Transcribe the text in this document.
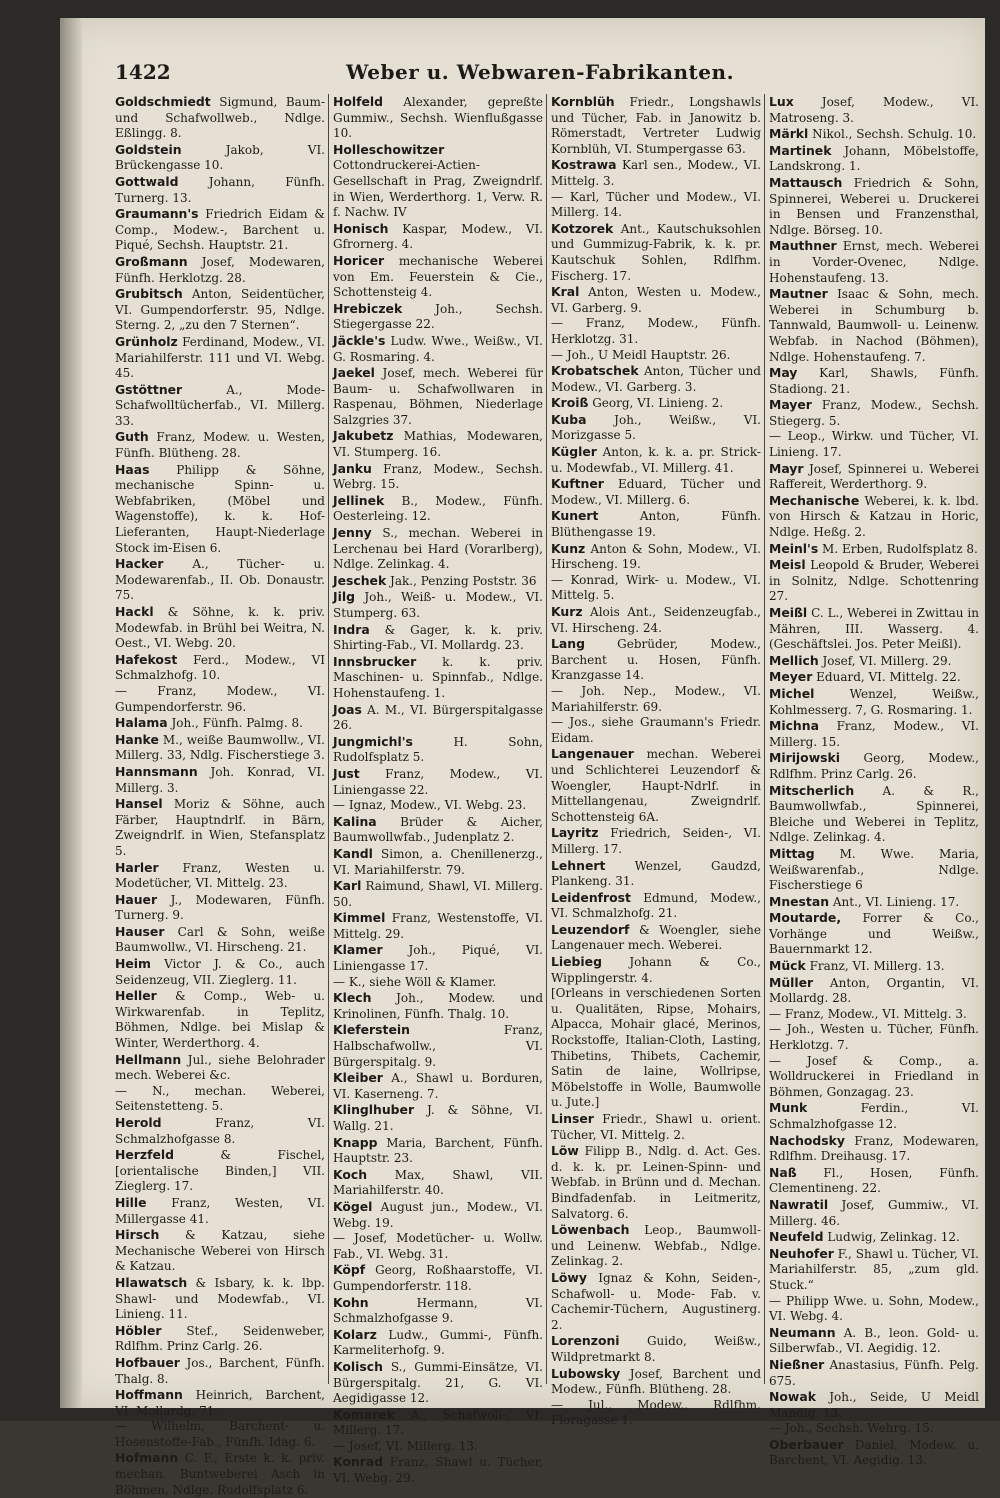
1422	Weber u. Webwaren-Fabrikanten.

Goldschmiedt Sigmund, Baum- und Schafwollweb., Ndlge. Eßlingg. 8.

Goldstein Jakob, VI. Brückengasse 10.

Gottwald Johann, Fünfh. Turnerg. 13.

Graumann's Friedrich Eidam & Comp., Modew.-, Barchent u. Piqué, Sechsh. Hauptstr. 21.

Großmann Josef, Modewaren, Fünfh. Herklotzg. 28.

Grubitsch Anton, Seidentücher, VI. Gumpendorferstr. 95, Ndlge. Sterng. 2, „zu den 7 Sternen“.

Grünholz Ferdinand, Modew., VI. Mariahilferstr. 111 und VI. Webg. 45.

Gstöttner A., Mode-Schafwolltücherfab., VI. Millerg. 33.

Guth Franz, Modew. u. Westen, Fünfh. Blütheng. 28.

Haas Philipp & Söhne, mechanische Spinn- u. Webfabriken, (Möbel und Wagenstoffe), k. k. Hof-Lieferanten, Haupt-Niederlage Stock im-Eisen 6.

Hacker A., Tücher- u. Modewarenfab., II. Ob. Donaustr. 75.

Hackl & Söhne, k. k. priv. Modewfab. in Brühl bei Weitra, N. Oest., VI. Webg. 20.

Hafekost Ferd., Modew., VI Schmalzhofg. 10.

— Franz, Modew., VI. Gumpendorferstr. 96.

Halama Joh., Fünfh. Palmg. 8.

Hanke M., weiße Baumwollw., VI. Millerg. 33, Ndlg. Fischerstiege 3.

Hannsmann Joh. Konrad, VI. Millerg. 3.

Hansel Moriz & Söhne, auch Färber, Hauptndrlf. in Bärn, Zweigndrlf. in Wien, Stefansplatz 5.

Harler Franz, Westen u. Modetücher, VI. Mittelg. 23.

Hauer J., Modewaren, Fünfh. Turnerg. 9.

Hauser Carl & Sohn, weiße Baumwollw., VI. Hirscheng. 21.

Heim Victor J. & Co., auch Seidenzeug, VII. Zieglerg. 11.

Heller & Comp., Web- u. Wirkwarenfab. in Teplitz, Böhmen, Ndlge. bei Mislap & Winter, Werderthorg. 4.

Hellmann Jul., siehe Belohrader mech. Weberei &c.

— N., mechan. Weberei, Seitenstetteng. 5.

Herold Franz, VI. Schmalzhofgasse 8.

Herzfeld & Fischel, [orientalische Binden,] VII. Zieglerg. 17.

Hille Franz, Westen, VI. Millergasse 41.

Hirsch & Katzau, siehe Mechanische Weberei von Hirsch & Katzau.

Hlawatsch & Isbary, k. k. lbp. Shawl- und Modewfab., VI. Linieng. 11.

Höbler Stef., Seidenweber, Rdlfhm. Prinz Carlg. 26.

Hofbauer Jos., Barchent, Fünfh. Thalg. 8.

Hoffmann Heinrich, Barchent, VI. Mollardg. 71.

— Wilhelm, Barchent- u. Hosenstoffe-Fab., Fünfh. Idag. 6.

Hofmann C. F., Erste k. k. priv. mechan. Buntweberei Asch in Böhmen, Ndlge. Rudolfsplatz 6.

Holfeld Alexander, gepreßte Gummiw., Sechsh. Wienflußgasse 10.

Holleschowitzer Cottondruckerei-Actien-Gesellschaft in Prag, Zweigndrlf. in Wien, Werderthorg. 1, Verw. R. f. Nachw. IV

Honisch Kaspar, Modew., VI. Gfrornerg. 4.

Horicer mechanische Weberei von Em. Feuerstein & Cie., Schottensteig 4.

Hrebiczek Joh., Sechsh. Stiegergasse 22.

Jäckle's Ludw. Wwe., Weißw., VI. G. Rosmaring. 4.

Jaekel Josef, mech. Weberei für Baum- u. Schafwollwaren in Raspenau, Böhmen, Niederlage Salzgries 37.

Jakubetz Mathias, Modewaren, VI. Stumperg. 16.

Janku Franz, Modew., Sechsh. Webrg. 15.

Jellinek B., Modew., Fünfh. Oesterleing. 12.

Jenny S., mechan. Weberei in Lerchenau bei Hard (Vorarlberg), Ndlge. Zelinkag. 4.

Jeschek Jak., Penzing Poststr. 36

Jilg Joh., Weiß- u. Modew., VI. Stumperg. 63.

Indra & Gager, k. k. priv. Shirting-Fab., VI. Mollardg. 23.

Innsbrucker k. k. priv. Maschinen- u. Spinnfab., Ndlge. Hohenstaufeng. 1.

Joas A. M., VI. Bürgerspitalgasse 26.

Jungmichl's H. Sohn, Rudolfsplatz 5.

Just Franz, Modew., VI. Liniengasse 22.

— Ignaz, Modew., VI. Webg. 23.

Kalina Brüder & Aicher, Baumwollwfab., Judenplatz 2.

Kandl Simon, a. Chenillenerzg., VI. Mariahilferstr. 79.

Karl Raimund, Shawl, VI. Millerg. 50.

Kimmel Franz, Westenstoffe, VI. Mittelg. 29.

Klamer Joh., Piqué, VI. Liniengasse 17.

— K., siehe Wöll & Klamer.

Klech Joh., Modew. und Krinolinen, Fünfh. Thalg. 10.

Kleferstein Franz, Halbschafwollw., VI. Bürgerspitalg. 9.

Kleiber A., Shawl u. Borduren, VI. Kaserneng. 7.

Klinglhuber J. & Söhne, VI. Wallg. 21.

Knapp Maria, Barchent, Fünfh. Hauptstr. 23.

Koch Max, Shawl, VII. Mariahilferstr. 40.

Kögel August jun., Modew., VI. Webg. 19.

— Josef, Modetücher- u. Wollw. Fab., VI. Webg. 31.

Köpf Georg, Roßhaarstoffe, VI. Gumpendorferstr. 118.

Kohn Hermann, VI. Schmalzhofgasse 9.

Kolarz Ludw., Gummi-, Fünfh. Karmeliterhofg. 9.

Kolisch S., Gummi-Einsätze, VI. Bürgerspitalg. 21, G. VI. Aegidigasse 12.

Komarek A., Schafwoll-, VI. Millerg. 17.

— Josef, VI. Millerg. 13.

Konrad Franz, Shawl u. Tücher, VI. Webg. 29.

Kornblüh Friedr., Longshawls und Tücher, Fab. in Janowitz b. Römerstadt, Vertreter Ludwig Kornblüh, VI. Stumpergasse 63.

Kostrawa Karl sen., Modew., VI. Mittelg. 3.

— Karl, Tücher und Modew., VI. Millerg. 14.

Kotzorek Ant., Kautschuksohlen und Gummizug-Fabrik, k. k. pr. Kautschuk Sohlen, Rdlfhm. Fischerg. 17.

Kral Anton, Westen u. Modew., VI. Garberg. 9.

— Franz, Modew., Fünfh. Herklotzg. 31.

— Joh., U Meidl Hauptstr. 26.

Krobatschek Anton, Tücher und Modew., VI. Garberg. 3.

Kroiß Georg, VI. Linieng. 2.

Kuba Joh., Weißw., VI. Morizgasse 5.

Kügler Anton, k. k. a. pr. Strick- u. Modewfab., VI. Millerg. 41.

Kuftner Eduard, Tücher und Modew., VI. Millerg. 6.

Kunert Anton, Fünfh. Blüthengasse 19.

Kunz Anton & Sohn, Modew., VI. Hirscheng. 19.

— Konrad, Wirk- u. Modew., VI. Mittelg. 5.

Kurz Alois Ant., Seidenzeugfab., VI. Hirscheng. 24.

Lang Gebrüder, Modew., Barchent u. Hosen, Fünfh. Kranzgasse 14.

— Joh. Nep., Modew., VI. Mariahilferstr. 69.

— Jos., siehe Graumann's Friedr. Eidam.

Langenauer mechan. Weberei und Schlichterei Leuzendorf & Woengler, Haupt-Ndrlf. in Mittellangenau, Zweigndrlf. Schottensteig 6A.

Layritz Friedrich, Seiden-, VI. Millerg. 17.

Lehnert Wenzel, Gaudzd, Plankeng. 31.

Leidenfrost Edmund, Modew., VI. Schmalzhofg. 21.

Leuzendorf & Woengler, siehe Langenauer mech. Weberei.

Liebieg Johann & Co., Wipplingerstr. 4.

[Orleans in verschiedenen Sorten u. Qualitäten, Ripse, Mohairs, Alpacca, Mohair glacé, Merinos, Rockstoffe, Italian-Cloth, Lasting, Thibetins, Thibets, Cachemir, Satin de laine, Wollripse, Möbelstoffe in Wolle, Baumwolle u. Jute.]

Linser Friedr., Shawl u. orient. Tücher, VI. Mittelg. 2.

Löw Filipp B., Ndlg. d. Act. Ges. d. k. k. pr. Leinen-Spinn- und Webfab. in Brünn und d. Mechan. Bindfadenfab. in Leitmeritz, Salvatorg. 6.

Löwenbach Leop., Baumwoll- und Leinenw. Webfab., Ndlge. Zelinkag. 2.

Löwy Ignaz & Kohn, Seiden-, Schafwoll- u. Mode- Fab. v. Cachemir-Tüchern, Augustinerg. 2.

Lorenzoni Guido, Weißw., Wildpretmarkt 8.

Lubowsky Josef, Barchent und Modew., Fünfh. Blütheng. 28.

— Jul., Modew., Rdlfhm. Floragasse 1.

Lux Josef, Modew., VI. Matroseng. 3.

Märkl Nikol., Sechsh. Schulg. 10.

Martinek Johann, Möbelstoffe, Landskrong. 1.

Mattausch Friedrich & Sohn, Spinnerei, Weberei u. Druckerei in Bensen und Franzensthal, Ndlge. Börseg. 10.

Mauthner Ernst, mech. Weberei in Vorder-Ovenec, Ndlge. Hohenstaufeng. 13.

Mautner Isaac & Sohn, mech. Weberei in Schumburg b. Tannwald, Baumwoll- u. Leinenw. Webfab. in Nachod (Böhmen), Ndlge. Hohenstaufeng. 7.

May Karl, Shawls, Fünfh. Stadiong. 21.

Mayer Franz, Modew., Sechsh. Stiegerg. 5.

— Leop., Wirkw. und Tücher, VI. Linieng. 17.

Mayr Josef, Spinnerei u. Weberei Raffereit, Werderthorg. 9.

Mechanische Weberei, k. k. lbd. von Hirsch & Katzau in Horic, Ndlge. Heßg. 2.

Meinl's M. Erben, Rudolfsplatz 8.

Meisl Leopold & Bruder, Weberei in Solnitz, Ndlge. Schottenring 27.

Meißl C. L., Weberei in Zwittau in Mähren, III. Wasserg. 4. (Geschäftslei. Jos. Peter Meißl).

Mellich Josef, VI. Millerg. 29.

Meyer Eduard, VI. Mittelg. 22.

Michel Wenzel, Weißw., Kohlmesserg. 7, G. Rosmaring. 1.

Michna Franz, Modew., VI. Millerg. 15.

Mirijowski Georg, Modew., Rdlfhm. Prinz Carlg. 26.

Mitscherlich A. & R., Baumwollwfab., Spinnerei, Bleiche und Weberei in Teplitz, Ndlge. Zelinkag. 4.

Mittag M. Wwe. Maria, Weißwarenfab., Ndlge. Fischerstiege 6

Mnestan Ant., VI. Linieng. 17.

Moutarde, Forrer & Co., Vorhänge und Weißw., Bauernmarkt 12.

Mück Franz, VI. Millerg. 13.

Müller Anton, Organtin, VI. Mollardg. 28.

— Franz, Modew., VI. Mittelg. 3.

— Joh., Westen u. Tücher, Fünfh. Herklotzg. 7.

— Josef & Comp., a. Wolldruckerei in Friedland in Böhmen, Gonzagag. 23.

Munk Ferdin., VI. Schmalzhofgasse 12.

Nachodsky Franz, Modewaren, Rdlfhm. Dreihausg. 17.

Naß Fl., Hosen, Fünfh. Clementineng. 22.

Nawratil Josef, Gummiw., VI. Millerg. 46.

Neufeld Ludwig, Zelinkag. 12.

Neuhofer F., Shawl u. Tücher, VI. Mariahilferstr. 85, „zum gld. Stuck.“

— Philipp Wwe. u. Sohn, Modew., VI. Webg. 4.

Neumann A. B., leon. Gold- u. Silberwfab., VI. Aegidig. 12.

Nießner Anastasius, Fünfh. Pelg. 675.

Nowak Joh., Seide, U Meidl Mandlg. 13.

— Joh., Sechsh. Wehrg. 15.

Oberbauer Daniel, Modew. u. Barchent, VI. Aegidig. 13.
